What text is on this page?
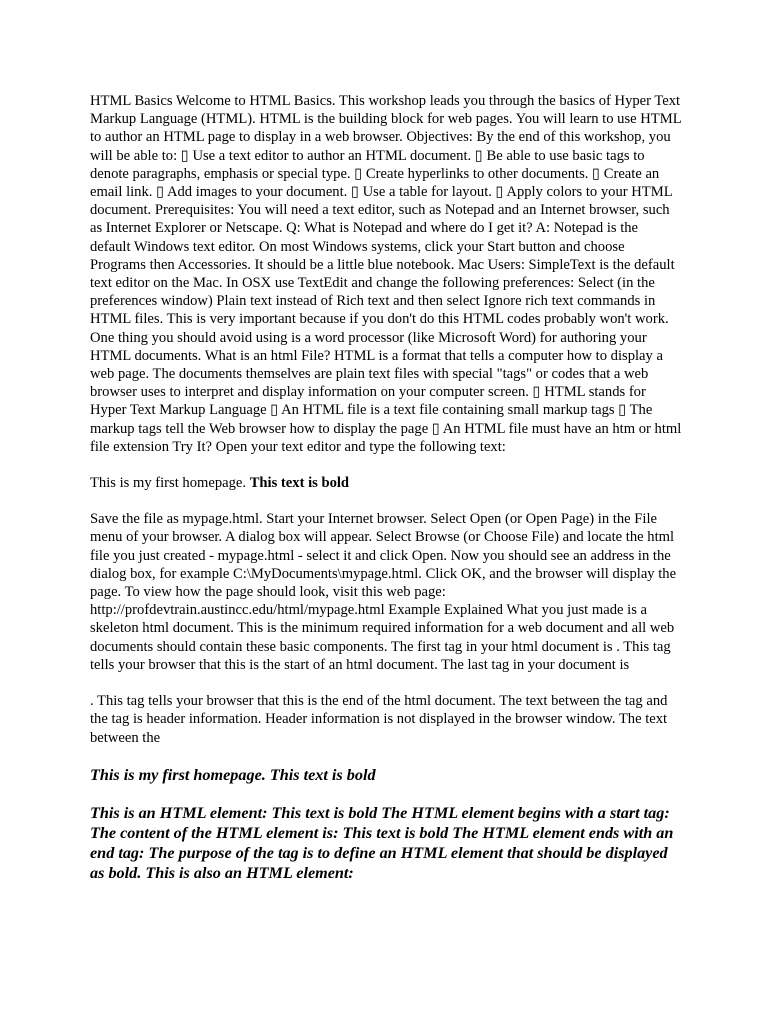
HTML Basics Welcome to HTML Basics. This workshop leads you through the basics of Hyper Text Markup Language (HTML). HTML is the building block for web pages. You will learn to use HTML to author an HTML page to display in a web browser. Objectives: By the end of this workshop, you will be able to: ▯ Use a text editor to author an HTML document. ▯ Be able to use basic tags to denote paragraphs, emphasis or special type. ▯ Create hyperlinks to other documents. ▯ Create an email link. ▯ Add images to your document. ▯ Use a table for layout. ▯ Apply colors to your HTML document. Prerequisites: You will need a text editor, such as Notepad and an Internet browser, such as Internet Explorer or Netscape. Q: What is Notepad and where do I get it? A: Notepad is the default Windows text editor. On most Windows systems, click your Start button and choose Programs then Accessories. It should be a little blue notebook. Mac Users: SimpleText is the default text editor on the Mac. In OSX use TextEdit and change the following preferences: Select (in the preferences window) Plain text instead of Rich text and then select Ignore rich text commands in HTML files. This is very important because if you don't do this HTML codes probably won't work. One thing you should avoid using is a word processor (like Microsoft Word) for authoring your HTML documents. What is an html File? HTML is a format that tells a computer how to display a web page. The documents themselves are plain text files with special "tags" or codes that a web browser uses to interpret and display information on your computer screen. ▯ HTML stands for Hyper Text Markup Language ▯ An HTML file is a text file containing small markup tags ▯ The markup tags tell the Web browser how to display the page ▯ An HTML file must have an htm or html file extension Try It? Open your text editor and type the following text:

This is my first homepage. This text is bold

Save the file as mypage.html. Start your Internet browser. Select Open (or Open Page) in the File menu of your browser. A dialog box will appear. Select Browse (or Choose File) and locate the html file you just created - mypage.html - select it and click Open. Now you should see an address in the dialog box, for example C:\MyDocuments\mypage.html. Click OK, and the browser will display the page. To view how the page should look, visit this web page: http://profdevtrain.austincc.edu/html/mypage.html Example Explained What you just made is a skeleton html document. This is the minimum required information for a web document and all web documents should contain these basic components. The first tag in your html document is . This tag tells your browser that this is the start of an html document. The last tag in your document is

. This tag tells your browser that this is the end of the html document. The text between the tag and the tag is header information. Header information is not displayed in the browser window. The text between the

This is my first homepage. This text is bold

This is an HTML element: This text is bold The HTML element begins with a start tag: The content of the HTML element is: This text is bold The HTML element ends with an end tag: The purpose of the tag is to define an HTML element that should be displayed as bold. This is also an HTML element:
